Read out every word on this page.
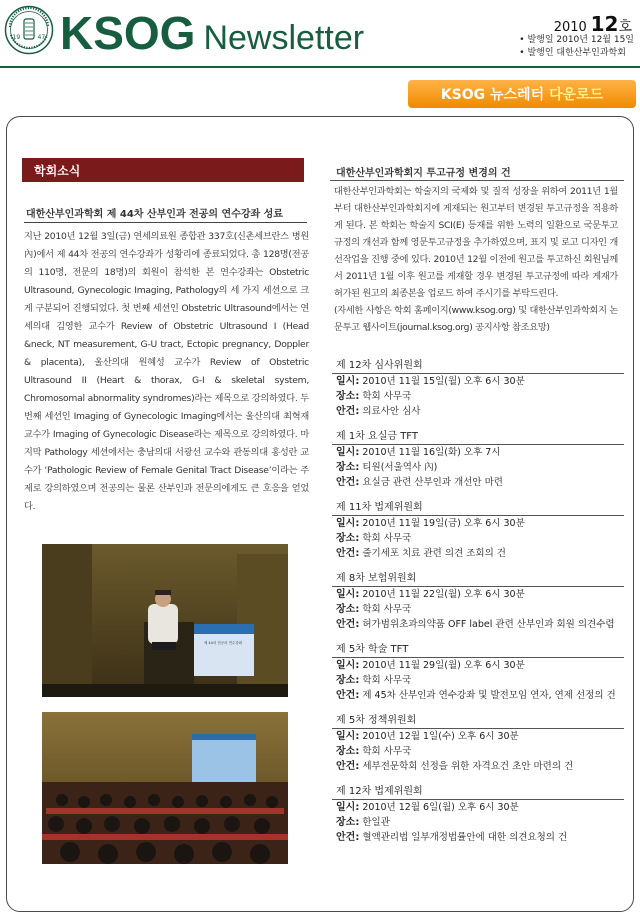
19	47 KSOG Newsletter	2010 12호
• 발행일 2010년 12월 15일
• 발행인 대한산부인과학회
KSOG 뉴스레터 다운로드
학회소식
대한산부인과학회 제 44차 산부인과 전공의 연수강좌 성료
지난 2010년 12월 3일(금) 연세의료원 종합관 337호(신촌세브란스 병원 內)에서 제 44차 전공의 연수강좌가 성황리에 종료되었다. 총 128명(전공의 110명, 전문의 18명)의 회원이 참석한 본 연수강좌는 Obstetric Ultrasound, Gynecologic Imaging, Pathology의 세 가지 세션으로 크게 구분되어 진행되었다. 첫 번째 세션인 Obstetric Ultrasound에서는 연세의대 김영한 교수가 Review of Obstetric Ultrasound I (Head &neck, NT measurement, G-U tract, Ectopic pregnancy, Doppler & placenta), 울산의대 원혜성 교수가 Review of Obstetric Ultrasound II (Heart & thorax, G-I & skeletal system, Chromosomal abnormality syndromes)라는 제목으로 강의하였다. 두 번째 세션인 Imaging of Gynecologic Imaging에서는 울산의대 최혁재 교수가 Imaging of Gynecologic Disease라는 제목으로 강의하였다. 마지막 Pathology 세션에서는 충남의대 서광선 교수와 관동의대 홍성란 교수가 ‘Pathologic Review of Female Genital Tract Disease’이라는 주제로 강의하였으며 전공의는 물론 산부인과 전문의에게도 큰 호응을 얻었다.
제 44차 전공의 연수강좌
대한산부인과학회지 투고규정 변경의 건

대한산부인과학회는 학술지의 국제화 및 질적 성장을 위하여 2011년 1월부터 대한산부인과학회지에 게재되는 원고부터 변경된 투고규정을 적용하게 된다. 본 학회는 학술지 SCI(E) 등재를 위한 노력의 일환으로 국문투고규정의 개선과 함께 영문투고규정을 추가하였으며, 표지 및 로고 디자인 개선작업을 진행 중에 있다. 2010년 12월 이전에 원고를 투고하신 회원님께서 2011년 1월 이후 원고를 게재할 경우 변경된 투고규정에 따라 게재가 허가된 원고의 최종본을 업로드 하여 주시기를 부탁드린다.

(자세한 사항은 학회 홈페이지(www.ksog.org) 및 대한산부인과학회지 논문투고 웹사이트(journal.ksog.org) 공지사항 참조요망)

제 12차 심사위원회
일시: 2010년 11월 15일(월) 오후 6시 30분
장소: 학회 사무국
안건: 의료사안 심사
제 1차 요실금 TFT
일시: 2010년 11월 16일(화) 오후 7시
장소: 티원(서울역사 內)
안건: 요실금 관련 산부인과 개선안 마련
제 11차 법제위원회
일시: 2010년 11월 19일(금) 오후 6시 30분
장소: 학회 사무국
안건: 줄기세포 치료 관련 의견 조회의 건
제 8차 보험위원회
일시: 2010년 11월 22일(월) 오후 6시 30분
장소: 학회 사무국
안건: 허가범위초과의약품 OFF label 관련 산부인과 회원 의견수렴
제 5차 학술 TFT
일시: 2010년 11월 29일(월) 오후 6시 30분
장소: 학회 사무국
안건: 제 45차 산부인과 연수강좌 및 발전모임 연자, 연제 선정의 건
제 5차 정책위원회
일시: 2010년 12월 1일(수) 오후 6시 30분
장소: 학회 사무국
안건: 세부전문학회 선정을 위한 자격요건 초안 마련의 건
제 12차 법제위원회
일시: 2010년 12월 6일(월) 오후 6시 30분
장소: 한일관
안건: 혈액관리법 일부개정법률안에 대한 의견요청의 건
